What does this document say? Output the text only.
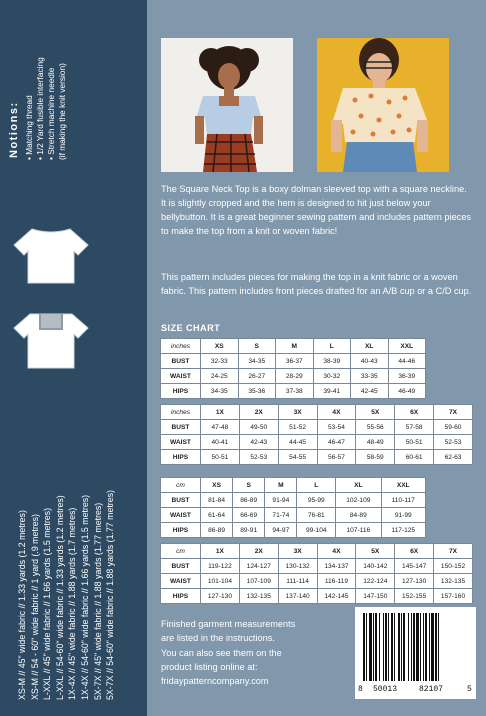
Notions: • Matching thread • 1/2 Yard fusible interfacing • Stretch machine needle (if making the knit version)
XS-M // 45" wide fabric // 1.33 yards (1.2 metres) XS-M // 54 - 60" wide fabric // 1 yard (.9 metres) L-XXL // 45" wide fabric // 1.66 yards (1.5 metres) L-XXL // 54-60" wide fabric // 1.33 yards (1.2 metres) 1X-4X // 45" wide fabric // 1.88 yards (1.7 metres) 1X-4X // 54-60" wide fabric // 1.66 yards (1.5 metres) 5X-7X // 45" wide fabric // 1.88 yards (1.77 metres) 5X-7X // 54-60" wide fabric // 1.88 yards (1.77 metres)

The Square Neck Top is a boxy dolman sleeved top with a square neckline. It is slightly cropped and the hem is designed to hit just below your bellybutton. It is a great beginner sewing pattern and includes pattern pieces to make the top from a knit or woven fabric!

This pattern includes pieces for making the top in a knit fabric or a woven fabric. This pattern includes front pieces drafted for an A/B cup or a C/D cup.

SIZE CHART
inches	XS	S	M	L	XL	XXL
BUST	32-33	34-35	36-37	38-39	40-43	44-46
WAIST	24-25	26-27	28-29	30-32	33-35	36-39
HIPS	34-35	35-36	37-38	39-41	42-45	46-49
inches	1X	2X	3X	4X	5X	6X	7X
BUST	47-48	49-50	51-52	53-54	55-56	57-58	59-60
WAIST	40-41	42-43	44-45	46-47	48-49	50-51	52-53
HIPS	50-51	52-53	54-55	56-57	58-59	60-61	62-63
cm	XS	S	M	L	XL	XXL
BUST	81-84	86-89	91-94	95-99	102-109	110-117
WAIST	61-64	66-69	71-74	76-81	84-89	91-99
HIPS	86-89	89-91	94-97	99-104	107-116	117-125
cm	1X	2X	3X	4X	5X	6X	7X
BUST	119-122	124-127	130-132	134-137	140-142	145-147	150-152
WAIST	101-104	107-109	111-114	116-119	122-124	127-130	132-135
HIPS	127-130	132-135	137-140	142-145	147-150	152-155	157-160
Finished garment measurements
are listed in the instructions.
You can also see them on the
product listing online at:
fridaypatterncompany.com
8 50013	82107	5
